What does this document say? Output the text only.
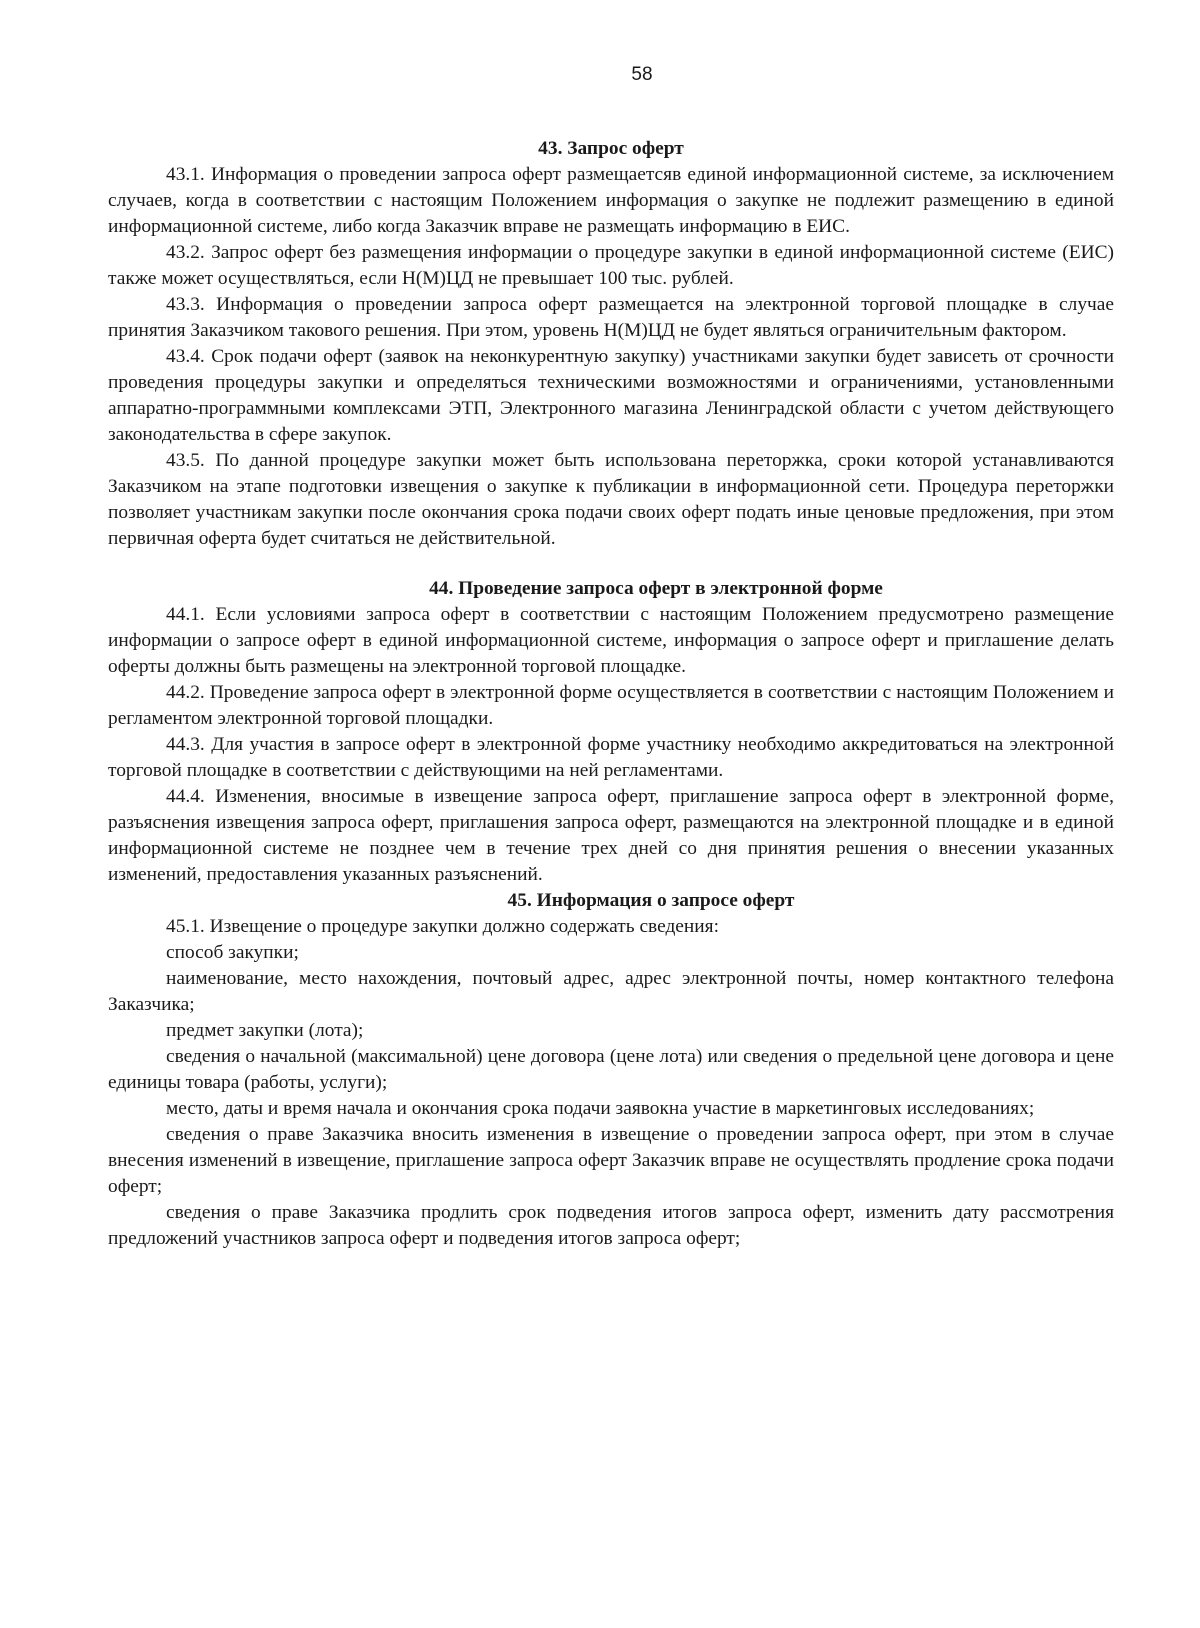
58

43. Запрос оферт

43.1. Информация о проведении запроса оферт размещаетсяв единой информационной системе, за исключением случаев, когда в соответствии с настоящим Положением информация о закупке не подлежит размещению в единой информационной системе, либо когда Заказчик вправе не размещать информацию в ЕИС.

43.2. Запрос оферт без размещения информации о процедуре закупки в единой информационной системе (ЕИС) также может осуществляться, если Н(М)ЦД не превышает 100 тыс. рублей.

43.3. Информация о проведении запроса оферт размещается на электронной торговой площадке в случае принятия Заказчиком такового решения. При этом, уровень Н(М)ЦД не будет являться ограничительным фактором.

43.4. Срок подачи оферт (заявок на неконкурентную закупку) участниками закупки будет зависеть от срочности проведения процедуры закупки и определяться техническими возможностями и ограничениями, установленными аппаратно-программными комплексами ЭТП, Электронного магазина Ленинградской области с учетом действующего законодательства в сфере закупок.

43.5. По данной процедуре закупки может быть использована переторжка, сроки которой устанавливаются Заказчиком на этапе подготовки извещения о закупке к публикации в информационной сети. Процедура переторжки позволяет участникам закупки после окончания срока подачи своих оферт подать иные ценовые предложения, при этом первичная оферта будет считаться не действительной.

44. Проведение запроса оферт в электронной форме

44.1. Если условиями запроса оферт в соответствии с настоящим Положением предусмотрено размещение информации о запросе оферт в единой информационной системе, информация о запросе оферт и приглашение делать оферты должны быть размещены на электронной торговой площадке.

44.2. Проведение запроса оферт в электронной форме осуществляется в соответствии с настоящим Положением и регламентом электронной торговой площадки.

44.3. Для участия в запросе оферт в электронной форме участнику необходимо аккредитоваться на электронной торговой площадке в соответствии с действующими на ней регламентами.

44.4. Изменения, вносимые в извещение запроса оферт, приглашение запроса оферт в электронной форме, разъяснения извещения запроса оферт, приглашения запроса оферт, размещаются на электронной площадке и в единой информационной системе не позднее чем в течение трех дней со дня принятия решения о внесении указанных изменений, предоставления указанных разъяснений.

45. Информация о запросе оферт

45.1. Извещение о процедуре закупки должно содержать сведения:

способ закупки;

наименование, место нахождения, почтовый адрес, адрес электронной почты, номер контактного телефона Заказчика;

предмет закупки (лота);

сведения о начальной (максимальной) цене договора (цене лота) или сведения о предельной цене договора и цене единицы товара (работы, услуги);

место, даты и время начала и окончания срока подачи заявокна участие в маркетинговых исследованиях;

сведения о праве Заказчика вносить изменения в извещение о проведении запроса оферт, при этом в случае внесения изменений в извещение, приглашение запроса оферт Заказчик вправе не осуществлять продление срока подачи оферт;

сведения о праве Заказчика продлить срок подведения итогов запроса оферт, изменить дату рассмотрения предложений участников запроса оферт и подведения итогов запроса оферт;
